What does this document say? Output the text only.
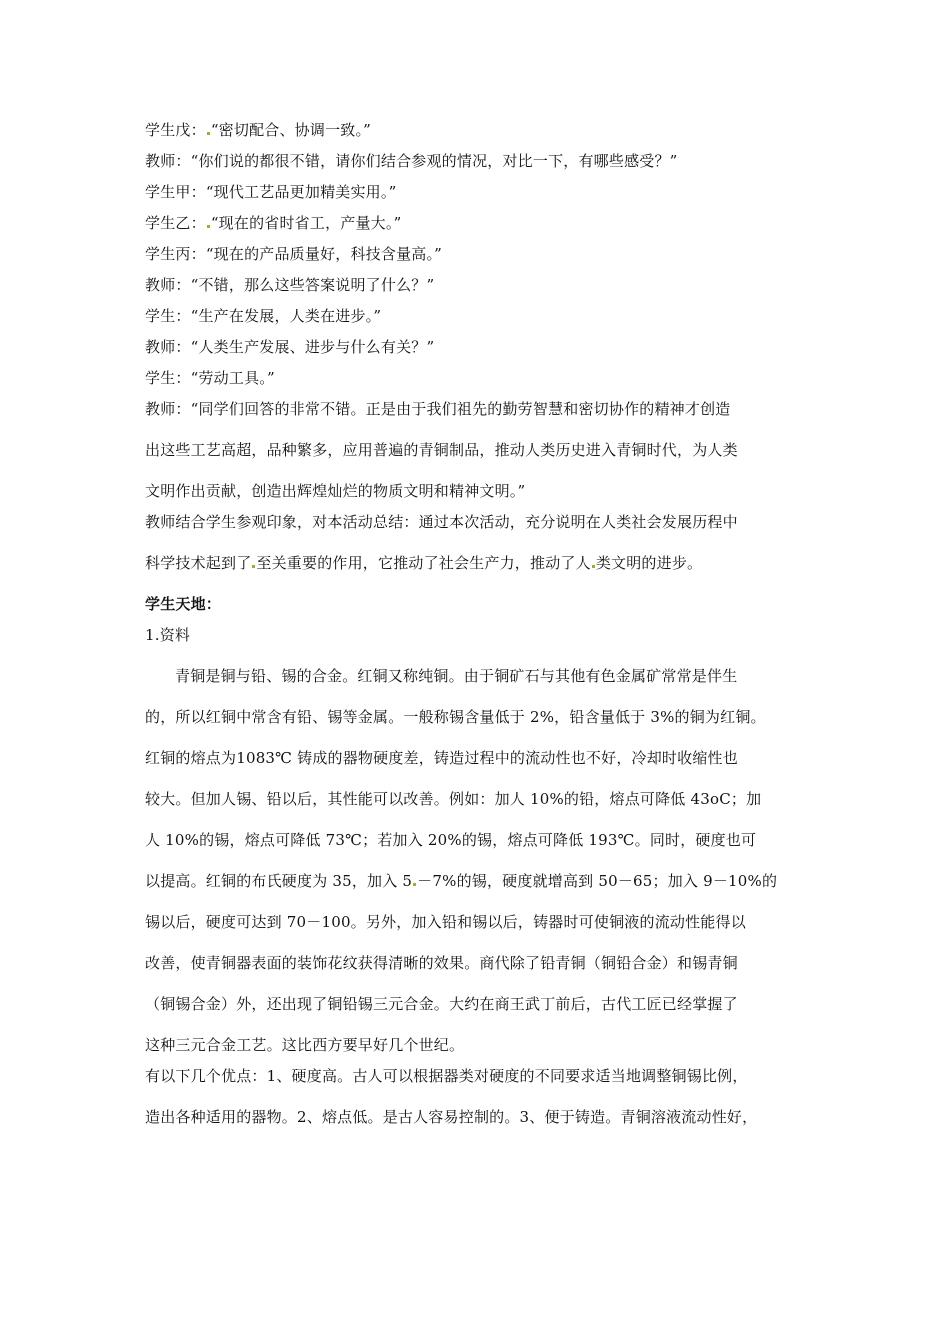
学生戊： “密切配合、协调一致。”
教师：“你们说的都很不错，请你们结合参观的情况，对比一下，有哪些感受？”
学生甲：“现代工艺品更加精美实用。”
学生乙： “现在的省时省工，产量大。”
学生丙：“现在的产品质量好，科技含量高。”
教师：“不错，那么这些答案说明了什么？”
学生：“生产在发展，人类在进步。”
教师：“人类生产发展、进步与什么有关？”
学生：“劳动工具。”
教师：“同学们回答的非常不错。正是由于我们祖先的勤劳智慧和密切协作的精神才创造
出这些工艺高超，品种繁多，应用普遍的青铜制品，推动人类历史进入青铜时代，为人类
文明作出贡献，创造出辉煌灿烂的物质文明和精神文明。”
教师结合学生参观印象，对本活动总结：通过本次活动，充分说明在人类社会发展历程中
科学技术起到了 至关重要的作用，它推动了社会生产力，推动了人 类文明的进步。
学生天地：
1.资料
青铜是铜与铅、锡的合金。红铜又称纯铜。由于铜矿石与其他有色金属矿常常是伴生
的，所以红铜中常含有铅、锡等金属。一般称锡含量低于 2%，铅含量低于 3%的铜为红铜。
红铜的熔点为1083℃ 铸成的器物硬度差，铸造过程中的流动性也不好，冷却时收缩性也
较大。但加人锡、铅以后，其性能可以改善。例如：加人 10%的铅，熔点可降低 43oC；加
人 10%的锡，熔点可降低 73℃；若加入 20%的锡，熔点可降低 193℃。同时，硬度也可
以提高。红铜的布氏硬度为 35，加入 5 －7%的锡，硬度就增高到 50－65；加入 9－10%的
锡以后，硬度可达到 70－100。另外，加入铅和锡以后，铸器时可使铜液的流动性能得以
改善，使青铜器表面的装饰花纹获得清晰的效果。商代除了铅青铜（铜铅合金）和锡青铜
（铜锡合金）外，还出现了铜铅锡三元合金。大约在商王武丁前后，古代工匠已经掌握了
这种三元合金工艺。这比西方要早好几个世纪。
有以下几个优点：1、硬度高。古人可以根据器类对硬度的不同要求适当地调整铜锡比例，
造出各种适用的器物。2、熔点低。是古人容易控制的。3、便于铸造。青铜溶液流动性好，
